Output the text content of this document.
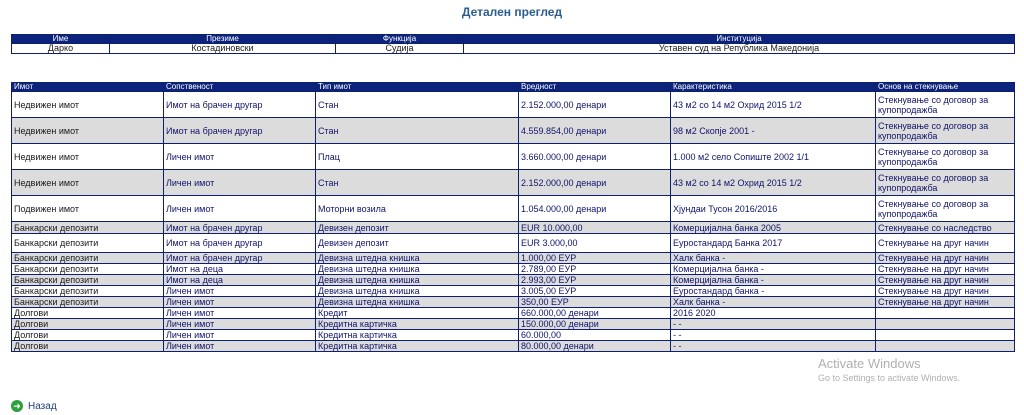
Детален преглед
Име	Презиме	Функција	Институција
Дарко	Костадиновски	Судија	Уставен суд на Република Македонија
Имот	Сопственост	Тип имот	Вредност	Карактеристика	Основ на стекнување
Недвижен имот	Имот на брачен другар	Стан	2.152.000,00 денари	43 м2 со 14 м2 Охрид 2015 1/2	Стекнување со договор за купопродажба
Недвижен имот	Имот на брачен другар	Стан	4.559.854,00 денари	98 м2 Скопје 2001 -	Стекнување со договор за купопродажба
Недвижен имот	Личен имот	Плац	3.660.000,00 денари	1.000 м2 село Сопиште 2002 1/1	Стекнување со договор за купопродажба
Недвижен имот	Личен имот	Стан	2.152.000,00 денари	43 м2 со 14 м2 Охрид 2015 1/2	Стекнување со договор за купопродажба
Подвижен имот	Личен имот	Моторни возила	1.054.000,00 денари	Хјундаи Тусон 2016/2016	Стекнување со договор за купопродажба
Банкарски депозити	Имот на брачен другар	Девизен депозит	EUR 10.000,00	Комерцијална банка 2005	Стекнување со наследство
Банкарски депозити	Имот на брачен другар	Девизен депозит	EUR 3.000,00	Еуростандард Банка 2017	Стекнување на друг начин
Банкарски депозити	Имот на брачен другар	Девизна штедна книшка	1.000,00 ЕУР	Халк банка -	Стекнување на друг начин
Банкарски депозити	Имот на деца	Девизна штедна книшка	2.789,00 ЕУР	Комерцијална банка -	Стекнување на друг начин
Банкарски депозити	Имот на деца	Девизна штедна книшка	2.993,00 ЕУР	Комерцијална банка -	Стекнување на друг начин
Банкарски депозити	Личен имот	Девизна штедна книшка	3.005,00 ЕУР	Еуростандард банка -	Стекнување на друг начин
Банкарски депозити	Личен имот	Девизна штедна книшка	350,00 ЕУР	Халк банка -	Стекнување на друг начин
Долгови	Личен имот	Кредит	660.000,00 денари	2016 2020	
Долгови	Личен имот	Кредитна картичка	150.000,00 денари	- -	
Долгови	Личен имот	Кредитна картичка	60.000,00	- -	
Долгови	Личен имот	Кредитна картичка	80.000,00 денари	- -	
Activate Windows
Go to Settings to activate Windows.
➜ Назад
